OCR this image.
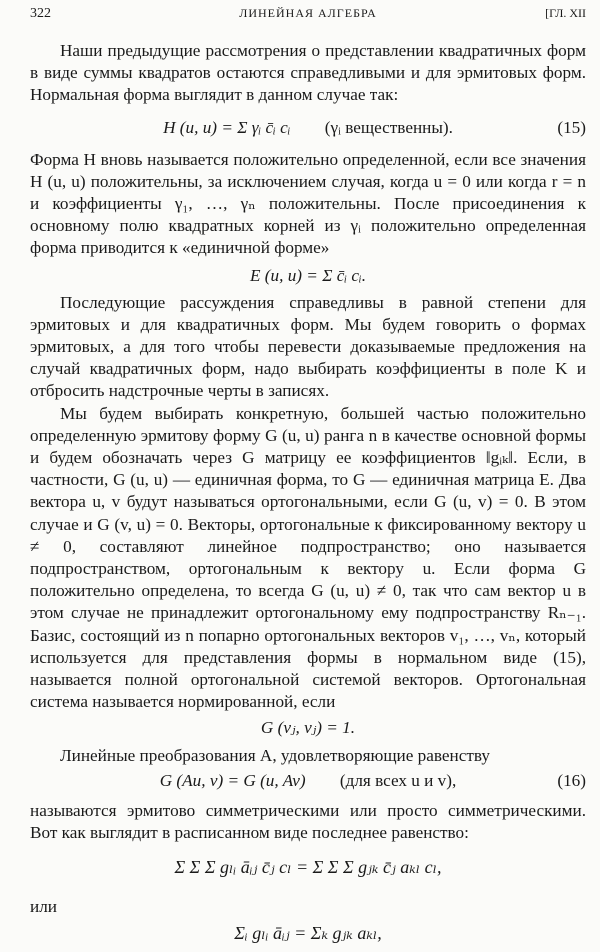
322	ЛИНЕЙНАЯ АЛГЕБРА	[ГЛ. XII

Наши предыдущие рассмотрения о представлении квадратичных форм в виде суммы квадратов остаются справедливыми и для эрмитовых форм. Нормальная форма выглядит в данном случае так:

H (u, u) = Σ γᵢ c̄ᵢ cᵢ (γᵢ вещественны).	(15)

Форма H вновь называется положительно определенной, если все значения H (u, u) положительны, за исключением случая, когда u = 0 или когда r = n и коэффициенты γ₁, …, γₙ положительны. После присоединения к основному полю квадратных корней из γᵢ положительно определенная форма приводится к «единичной форме»

E (u, u) = Σ c̄ᵢ cᵢ.

Последующие рассуждения справедливы в равной степени для эрмитовых и для квадратичных форм. Мы будем говорить о формах эрмитовых, а для того чтобы перевести доказываемые предложения на случай квадратичных форм, надо выбирать коэффициенты в поле K и отбросить надстрочные черты в записях.

Мы будем выбирать конкретную, большей частью положительно определенную эрмитову форму G (u, u) ранга n в качестве основной формы и будем обозначать через G матрицу ее коэффициентов ‖gᵢₖ‖. Если, в частности, G (u, u) — единичная форма, то G — единичная матрица E. Два вектора u, v будут называться ортогональными, если G (u, v) = 0. В этом случае и G (v, u) = 0. Векторы, ортогональные к фиксированному вектору u ≠ 0, составляют линейное подпространство; оно называется подпространством, ортогональным к вектору u. Если форма G положительно определена, то всегда G (u, u) ≠ 0, так что сам вектор u в этом случае не принадлежит ортогональному ему подпространству Rₙ₋₁. Базис, состоящий из n попарно ортогональных векторов v₁, …, vₙ, который используется для представления формы в нормальном виде (15), называется полной ортогональной системой векторов. Ортогональная система называется нормированной, если

G (vⱼ, vⱼ) = 1.

Линейные преобразования A, удовлетворяющие равенству

G (Au, v) = G (u, Av) (для всех u и v),	(16)

называются эрмитово симметрическими или просто симметрическими. Вот как выглядит в расписанном виде последнее равенство:

Σ Σ Σ gₗᵢ āᵢⱼ c̄ⱼ cₗ = Σ Σ Σ gⱼₖ c̄ⱼ aₖₗ cₗ,
или
Σᵢ gₗᵢ āᵢⱼ = Σₖ gⱼₖ aₖₗ,
